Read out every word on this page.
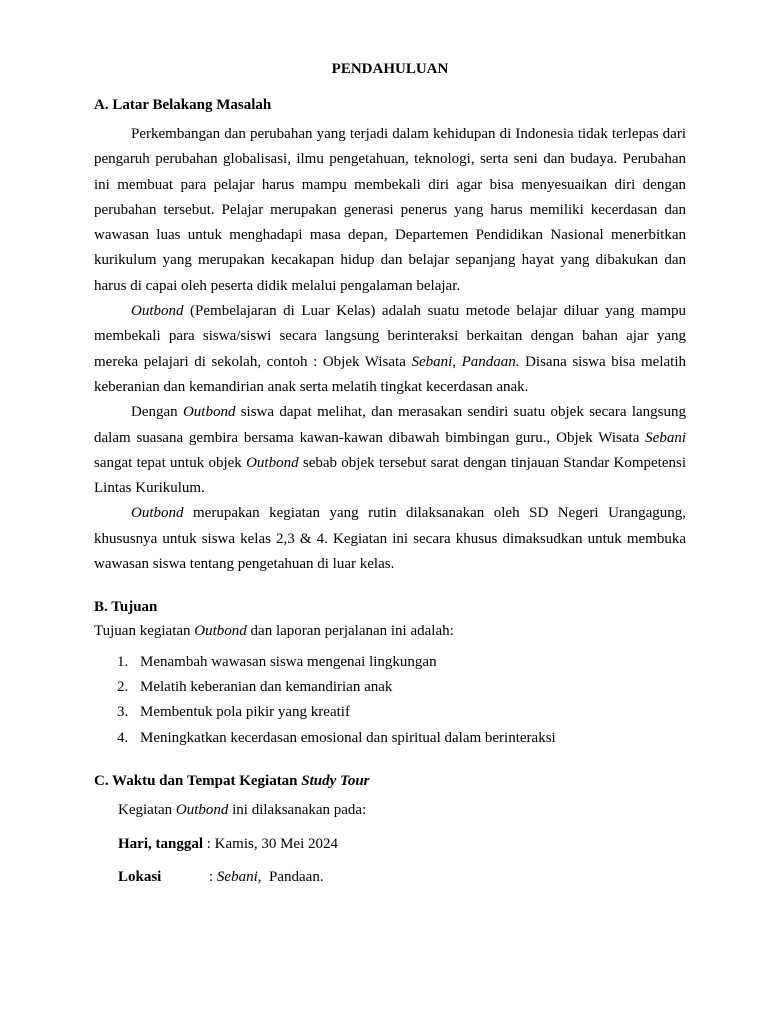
PENDAHULUAN
A. Latar Belakang Masalah

Perkembangan dan perubahan yang terjadi dalam kehidupan di Indonesia tidak terlepas dari pengaruh perubahan globalisasi, ilmu pengetahuan, teknologi, serta seni dan budaya. Perubahan ini membuat para pelajar harus mampu membekali diri agar bisa menyesuaikan diri dengan perubahan tersebut. Pelajar merupakan generasi penerus yang harus memiliki kecerdasan dan wawasan luas untuk menghadapi masa depan, Departemen Pendidikan Nasional menerbitkan kurikulum yang merupakan kecakapan hidup dan belajar sepanjang hayat yang dibakukan dan harus di capai oleh peserta didik melalui pengalaman belajar.

Outbond (Pembelajaran di Luar Kelas) adalah suatu metode belajar diluar yang mampu membekali para siswa/siswi secara langsung berinteraksi berkaitan dengan bahan ajar yang mereka pelajari di sekolah, contoh : Objek Wisata Sebani, Pandaan. Disana siswa bisa melatih keberanian dan kemandirian anak serta melatih tingkat kecerdasan anak.

Dengan Outbond siswa dapat melihat, dan merasakan sendiri suatu objek secara langsung dalam suasana gembira bersama kawan-kawan dibawah bimbingan guru., Objek Wisata Sebani sangat tepat untuk objek Outbond sebab objek tersebut sarat dengan tinjauan Standar Kompetensi Lintas Kurikulum.

Outbond merupakan kegiatan yang rutin dilaksanakan oleh SD Negeri Urangagung, khususnya untuk siswa kelas 2,3 & 4. Kegiatan ini secara khusus dimaksudkan untuk membuka wawasan siswa tentang pengetahuan di luar kelas.

B. Tujuan

Tujuan kegiatan Outbond dan laporan perjalanan ini adalah:

1. Menambah wawasan siswa mengenai lingkungan
2. Melatih keberanian dan kemandirian anak
3. Membentuk pola pikir yang kreatif
4. Meningkatkan kecerdasan emosional dan spiritual dalam berinteraksi
C. Waktu dan Tempat Kegiatan Study Tour

Kegiatan Outbond ini dilaksanakan pada:

Hari, tanggal : Kamis, 30 Mei 2024

Lokasi	: Sebani,  Pandaan.
